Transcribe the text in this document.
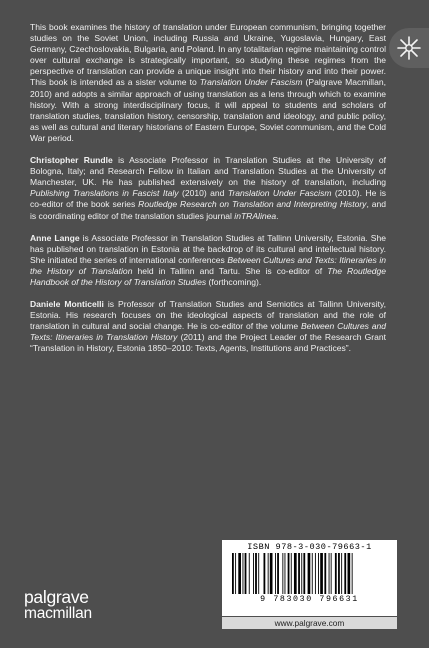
This book examines the history of translation under European communism, bringing together studies on the Soviet Union, including Russia and Ukraine, Yugoslavia, Hungary, East Germany, Czechoslovakia, Bulgaria, and Poland. In any totalitarian regime maintaining control over cultural exchange is strategically important, so studying these regimes from the perspective of translation can provide a unique insight into their history and into their power. This book is intended as a sister volume to Translation Under Fascism (Palgrave Macmillan, 2010) and adopts a similar approach of using translation as a lens through which to examine history. With a strong interdisciplinary focus, it will appeal to students and scholars of translation studies, translation history, censorship, translation and ideology, and public policy, as well as cultural and literary historians of Eastern Europe, Soviet communism, and the Cold War period.

Christopher Rundle is Associate Professor in Translation Studies at the University of Bologna, Italy; and Research Fellow in Italian and Translation Studies at the University of Manchester, UK. He has published extensively on the history of translation, including Publishing Translations in Fascist Italy (2010) and Translation Under Fascism (2010). He is co-editor of the book series Routledge Research on Translation and Interpreting History, and is coordinating editor of the translation studies journal inTRAlinea.

Anne Lange is Associate Professor in Translation Studies at Tallinn University, Estonia. She has published on translation in Estonia at the backdrop of its cultural and intellectual history. She initiated the series of international conferences Between Cultures and Texts: Itineraries in the History of Translation held in Tallinn and Tartu. She is co-editor of The Routledge Handbook of the History of Translation Studies (forthcoming).

Daniele Monticelli is Professor of Translation Studies and Semiotics at Tallinn University, Estonia. His research focuses on the ideological aspects of translation and the role of translation in cultural and social change. He is co-editor of the volume Between Cultures and Texts: Itineraries in Translation History (2011) and the Project Leader of the Research Grant “Translation in History, Estonia 1850–2010: Texts, Agents, Institutions and Practices”.

palgrave
macmillan
ISBN 978-3-030-79663-1
9 783030 796631
www.palgrave.com
